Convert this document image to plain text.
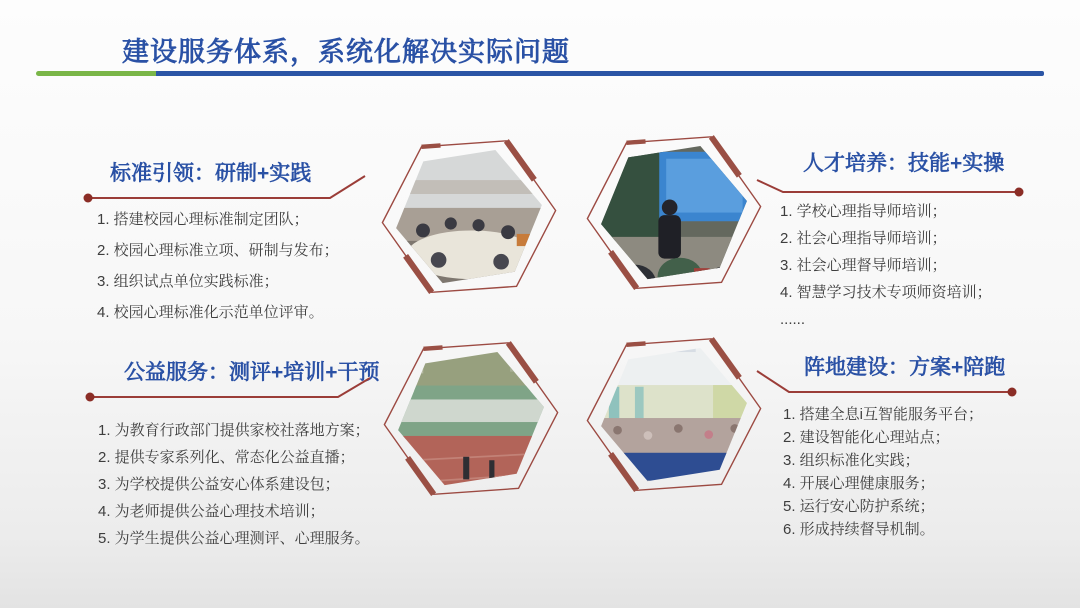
建设服务体系，系统化解决实际问题
标准引领：研制+实践
1. 搭建校园心理标准制定团队；
2. 校园心理标准立项、研制与发布；
3. 组织试点单位实践标准；
4. 校园心理标准化示范单位评审。
人才培养：技能+实操
1. 学校心理指导师培训；
2. 社会心理指导师培训；
3. 社会心理督导师培训；
4. 智慧学习技术专项师资培训；
......
公益服务：测评+培训+干预
1. 为教育行政部门提供家校社落地方案；
2. 提供专家系列化、常态化公益直播；
3. 为学校提供公益安心体系建设包；
4. 为老师提供公益心理技术培训；
5. 为学生提供公益心理测评、心理服务。
阵地建设：方案+陪跑
1. 搭建全息i互智能服务平台；
2. 建设智能化心理站点；
3. 组织标准化实践；
4. 开展心理健康服务；
5. 运行安心防护系统；
6. 形成持续督导机制。
